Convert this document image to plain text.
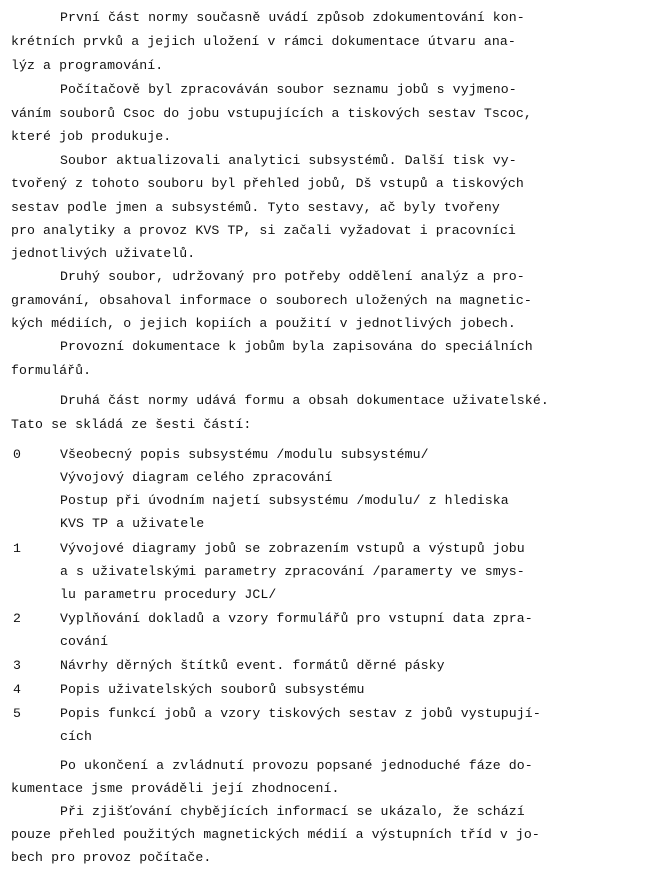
První část normy současně uvádí způsob zdokumentování kon-
krétních prvků a jejich uložení v rámci dokumentace útvaru ana-
lýz a programování.
Počítačově byl zpracováván soubor seznamu jobů s vyjmeno-
váním souborů Csoc do jobu vstupujících a tiskových sestav Tscoc,
které job produkuje.
Soubor aktualizovali analytici subsystémů. Další tisk vy-
tvořený z tohoto souboru byl přehled jobů, Dš vstupů a tiskových
sestav podle jmen a subsystémů. Tyto sestavy, ač byly tvořeny
pro analytiky a provoz KVS TP, si začali vyžadovat i pracovníci
jednotlivých uživatelů.
Druhý soubor, udržovaný pro potřeby oddělení analýz a pro-
gramování, obsahoval informace o souborech uložených na magnetic-
kých médiích, o jejich kopiích a použití v jednotlivých jobech.
Provozní dokumentace k jobům byla zapisována do speciálních
formulářů.
Druhá část normy udává formu a obsah dokumentace uživatelské.
Tato se skládá ze šesti částí:
0	Všeobecný popis subsystému /modulu subsystému/
Vývojový diagram celého zpracování
Postup při úvodním najetí subsystému /modulu/ z hlediska
KVS TP a uživatele
1	Vývojové diagramy jobů se zobrazením vstupů a výstupů jobu
a s uživatelskými parametry zpracování /paramerty ve smys-
lu parametru procedury JCL/
2	Vyplňování dokladů a vzory formulářů pro vstupní data zpra-
cování
3	Návrhy děrných štítků event. formátů děrné pásky
4	Popis uživatelských souborů subsystému
5	Popis funkcí jobů a vzory tiskových sestav z jobů vystupují-
cích
Po ukončení a zvládnutí provozu popsané jednoduché fáze do-
kumentace jsme prováděli její zhodnocení.
Při zjišťování chybějících informací se ukázalo, že schází
pouze přehled použitých magnetických médií a výstupních tříd v jo-
bech pro provoz počítače.
